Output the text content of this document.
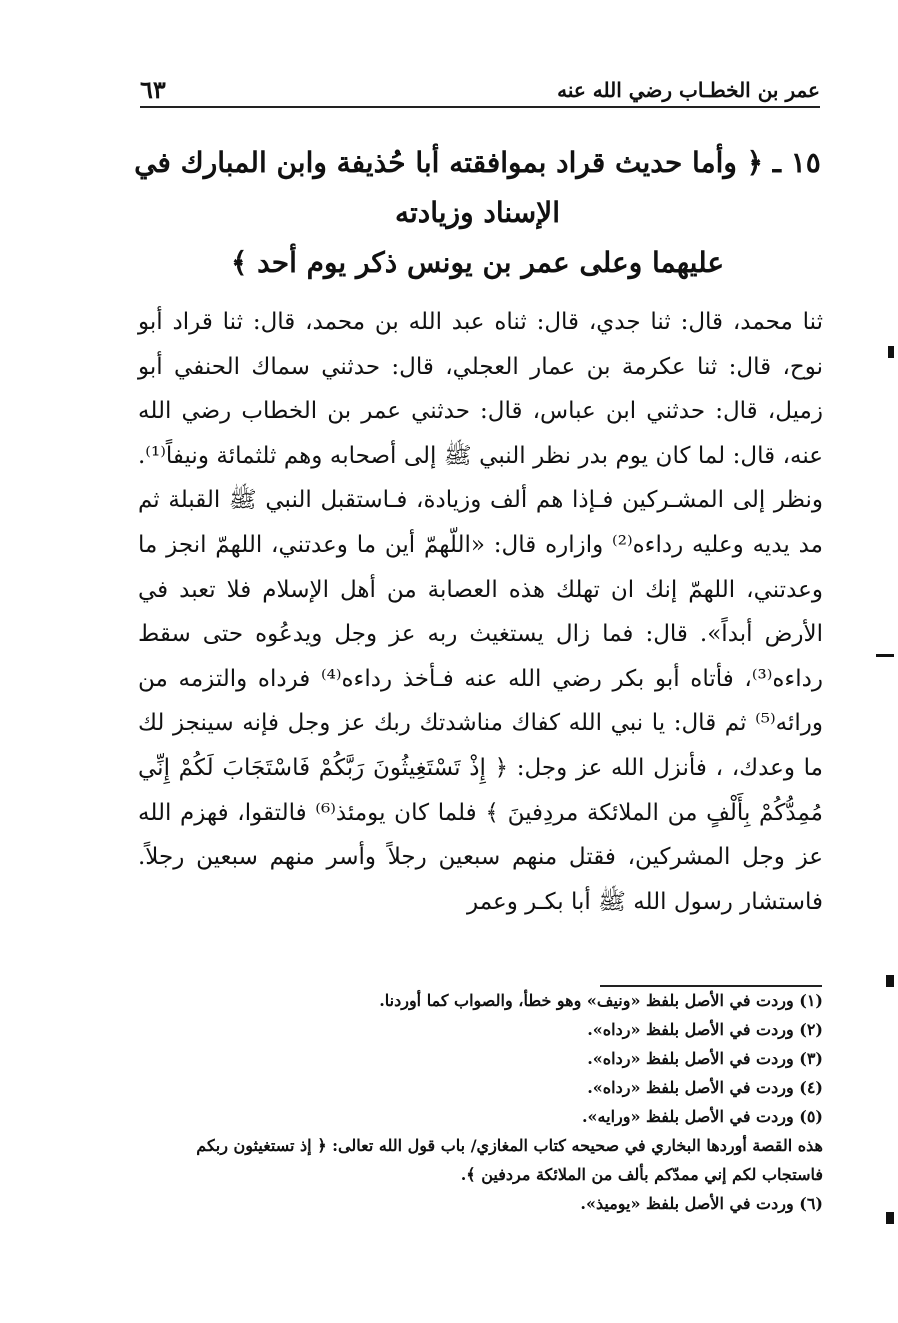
عمر بن الخطـاب رضي الله عنه
٦٣
١٥ ـ ﴿ وأما حديث قراد بموافقته أبا حُذيفة وابن المبارك في الإسناد وزيادته
عليهما وعلى عمر بن يونس ذكر يوم أحد ﴾
ثنا محمد، قال: ثنا جدي، قال: ثناه عبد الله بن محمد، قال: ثنا قراد أبو نوح، قال: ثنا عكرمة بن عمار العجلي، قال: حدثني سماك الحنفي أبو زميل، قال: حدثني ابن عباس، قال: حدثني عمر بن الخطاب رضي الله عنه، قال: لما كان يوم بدر نظر النبي ﷺ إلى أصحابه وهم ثلثمائة ونيفاً⁽¹⁾. ونظر إلى المشـركين فـإذا هم ألف وزيادة، فـاستقبل النبي ﷺ القبلة ثم مد يديه وعليه رداءه⁽²⁾ وازاره قال: «اللّهمّ أين ما وعدتني، اللهمّ انجز ما وعدتني، اللهمّ إنك ان تهلك هذه العصابة من أهل الإسلام فلا تعبد في الأرض أبداً». قال: فما زال يستغيث ربه عز وجل ويدعُوه حتى سقط رداءه⁽³⁾، فأتاه أبو بكر رضي الله عنه فـأخذ رداءه⁽⁴⁾ فرداه والتزمه من ورائه⁽⁵⁾ ثم قال: يا نبي الله كفاك مناشدتك ربك عز وجل فإنه سينجز لك ما وعدك، ، فأنزل الله عز وجل: ﴿ إِذْ تَسْتَغِيثُونَ رَبَّكُمْ فَاسْتَجَابَ لَكُمْ إِنِّي مُمِدُّكُمْ بِأَلْفٍ من الملائكة مردِفينَ ﴾ فلما كان يومئذ⁽⁶⁾ فالتقوا، فهزم الله عز وجل المشركين، فقتل منهم سبعين رجلاً وأسر منهم سبعين رجلاً. فاستشار رسول الله ﷺ أبا بكـر وعمر
(١) وردت في الأصل بلفظ «ونيف» وهو خطأ، والصواب كما أوردنا.
(٢) وردت في الأصل بلفظ «رداه».
(٣) وردت في الأصل بلفظ «رداه».
(٤) وردت في الأصل بلفظ «رداه».
(٥) وردت في الأصل بلفظ «ورايه».
هذه القصة أوردها البخاري في صحيحه كتاب المغازي/ باب قول الله تعالى: ﴿ إذ تستغيثون ربكم فاستجاب لكم إني ممدّكم بألف من الملائكة مردفين ﴾.
(٦) وردت في الأصل بلفظ «يوميذ».
